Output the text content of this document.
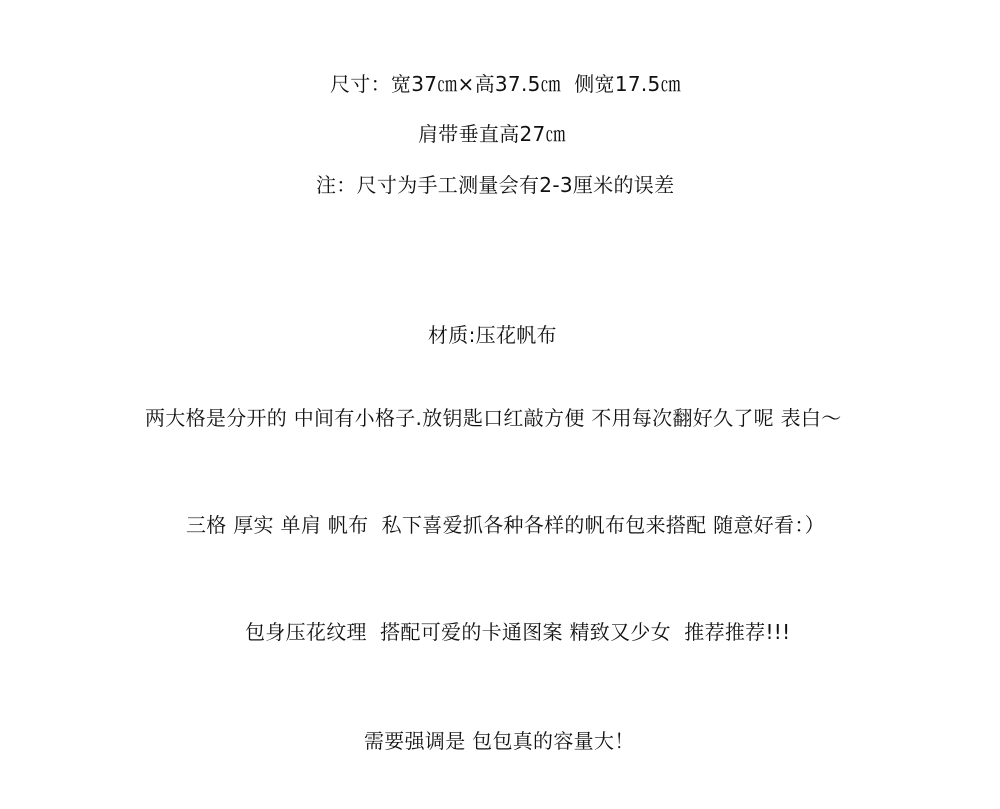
尺寸：宽37㎝×高37.5㎝  侧宽17.5㎝
肩带垂直高27㎝
注：尺寸为手工测量会有2-3厘米的误差
材质:压花帆布
两大格是分开的 中间有小格子.放钥匙口红敲方便 不用每次翻好久了呢 表白～
三格 厚实 单肩 帆布  私下喜爱抓各种各样的帆布包来搭配 随意好看：）
包身压花纹理  搭配可爱的卡通图案 精致又少女  推荐推荐!!!
需要强调是 包包真的容量大！
